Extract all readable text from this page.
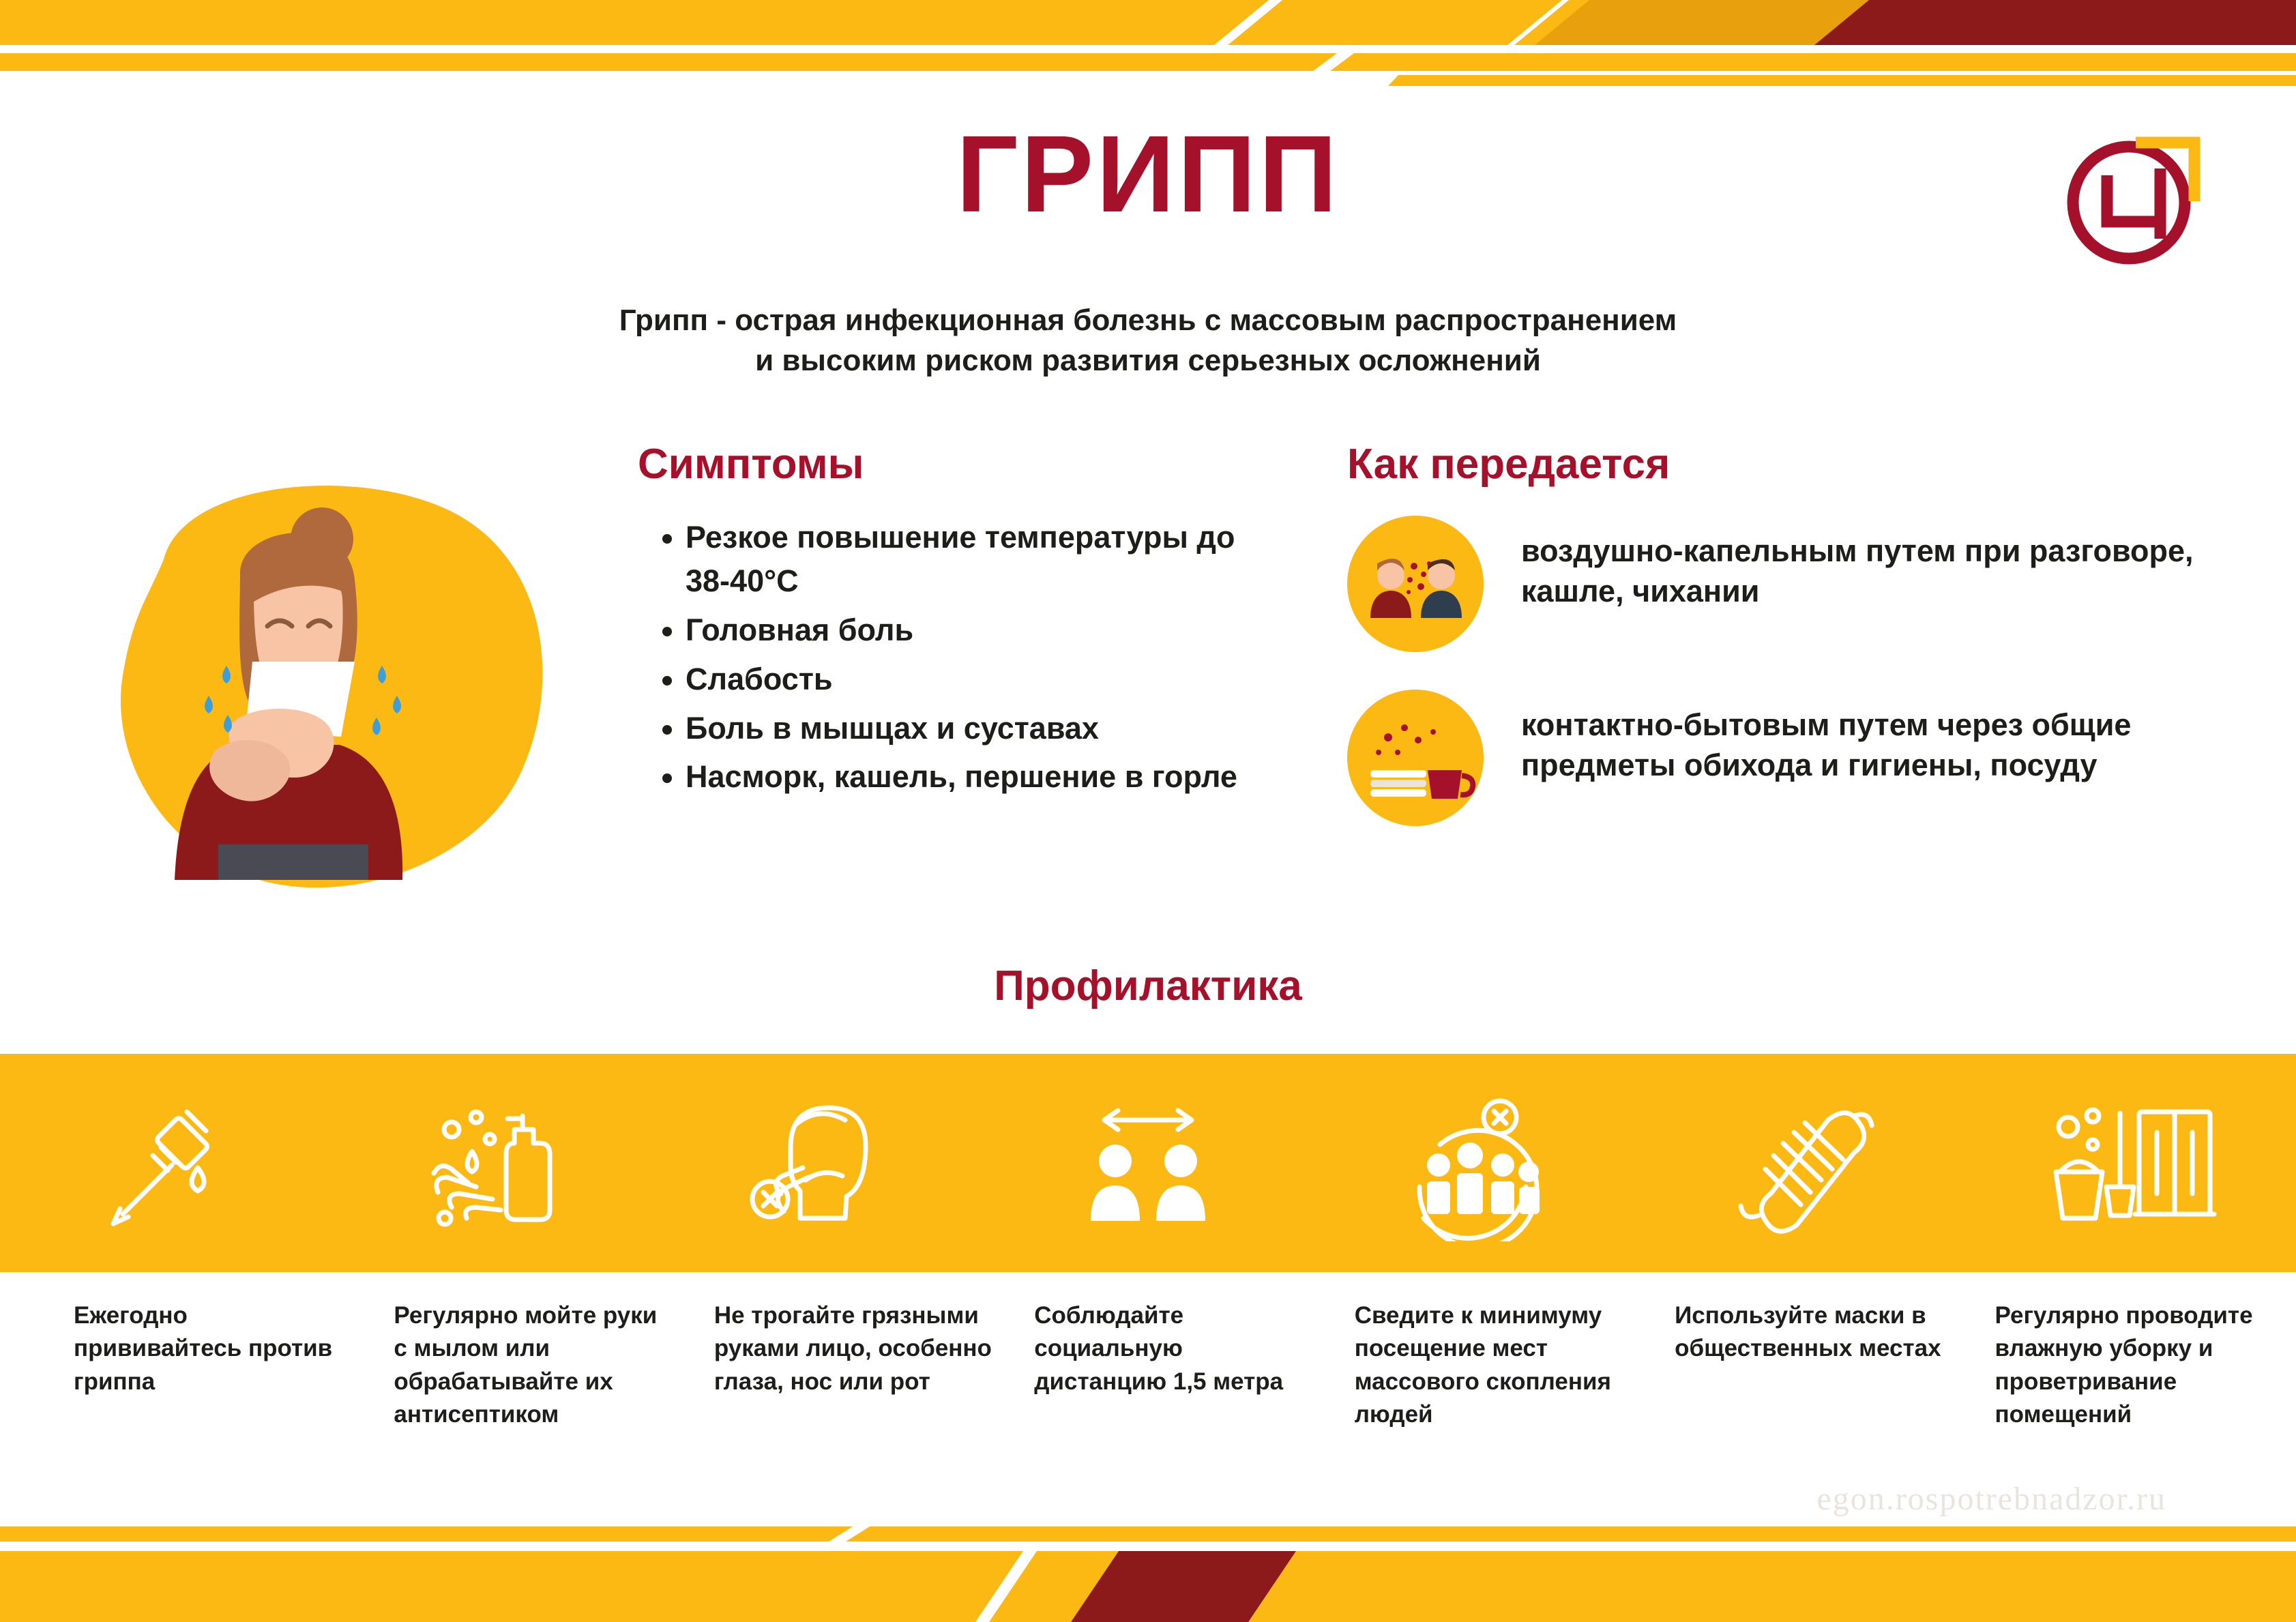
ГРИПП
Грипп - острая инфекционная болезнь с массовым распространением
и высоким риском развития серьезных осложнений
Симптомы
• Резкое повышение температуры до 38-40°C
• Головная боль
• Слабость
• Боль в мышцах и суставах
• Насморк, кашель, першение в горле
Как передается
воздушно-капельным путем при разговоре, кашле, чихании
контактно-бытовым путем через общие предметы обихода и гигиены, посуду
Профилактика
Ежегодно прививайтесь против гриппа
Регулярно мойте руки с мылом или обрабатывайте их антисептиком
Не трогайте грязными руками лицо, особенно глаза, нос или рот
Соблюдайте социальную дистанцию 1,5 метра
Сведите к минимуму посещение мест массового скопления людей
Используйте маски в общественных местах
Регулярно проводите влажную уборку и проветривание помещений
egon.rospotrebnadzor.ru
